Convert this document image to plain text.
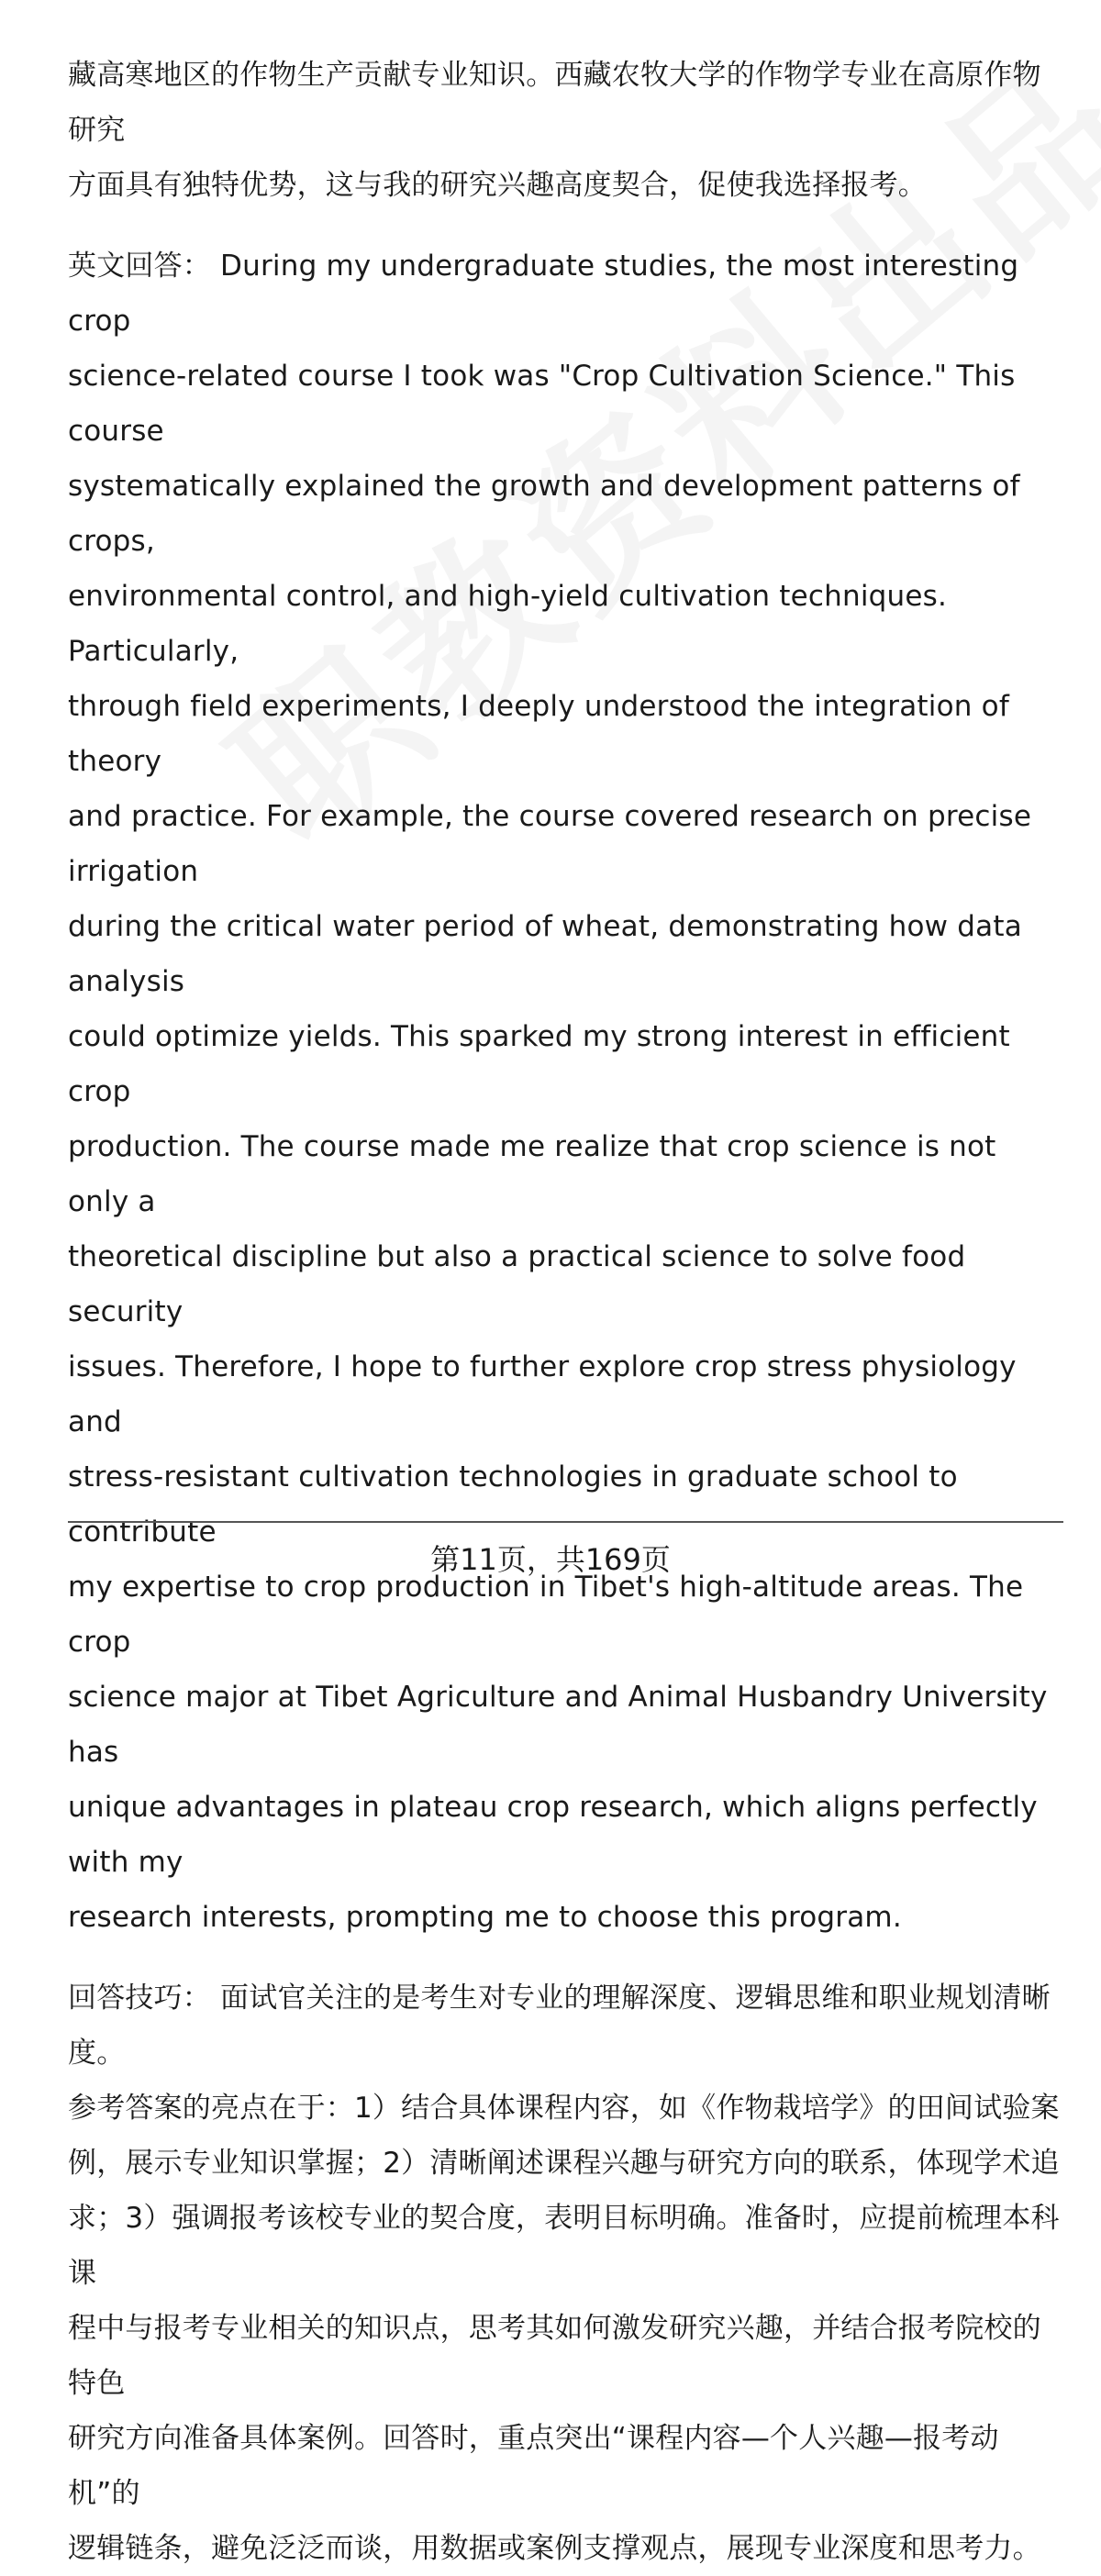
藏高寒地区的作物生产贡献专业知识。西藏农牧大学的作物学专业在高原作物研究
方面具有独特优势，这与我的研究兴趣高度契合，促使我选择报考。

英文回答： During my undergraduate studies, the most interesting crop
science-related course I took was "Crop Cultivation Science." This course
systematically explained the growth and development patterns of crops,
environmental control, and high-yield cultivation techniques. Particularly,
through field experiments, I deeply understood the integration of theory
and practice. For example, the course covered research on precise irrigation
during the critical water period of wheat, demonstrating how data analysis
could optimize yields. This sparked my strong interest in efficient crop
production. The course made me realize that crop science is not only a
theoretical discipline but also a practical science to solve food security
issues. Therefore, I hope to further explore crop stress physiology and
stress-resistant cultivation technologies in graduate school to contribute
my expertise to crop production in Tibet's high-altitude areas. The crop
science major at Tibet Agriculture and Animal Husbandry University has
unique advantages in plateau crop research, which aligns perfectly with my
research interests, prompting me to choose this program.

回答技巧： 面试官关注的是考生对专业的理解深度、逻辑思维和职业规划清晰度。
参考答案的亮点在于：1）结合具体课程内容，如《作物栽培学》的田间试验案
例，展示专业知识掌握；2）清晰阐述课程兴趣与研究方向的联系，体现学术追
求；3）强调报考该校专业的契合度，表明目标明确。准备时，应提前梳理本科课
程中与报考专业相关的知识点，思考其如何激发研究兴趣，并结合报考院校的特色
研究方向准备具体案例。回答时，重点突出“课程内容—个人兴趣—报考动机”的
逻辑链条，避免泛泛而谈，用数据或案例支撑观点，展现专业深度和思考力。

第11页，共169页
